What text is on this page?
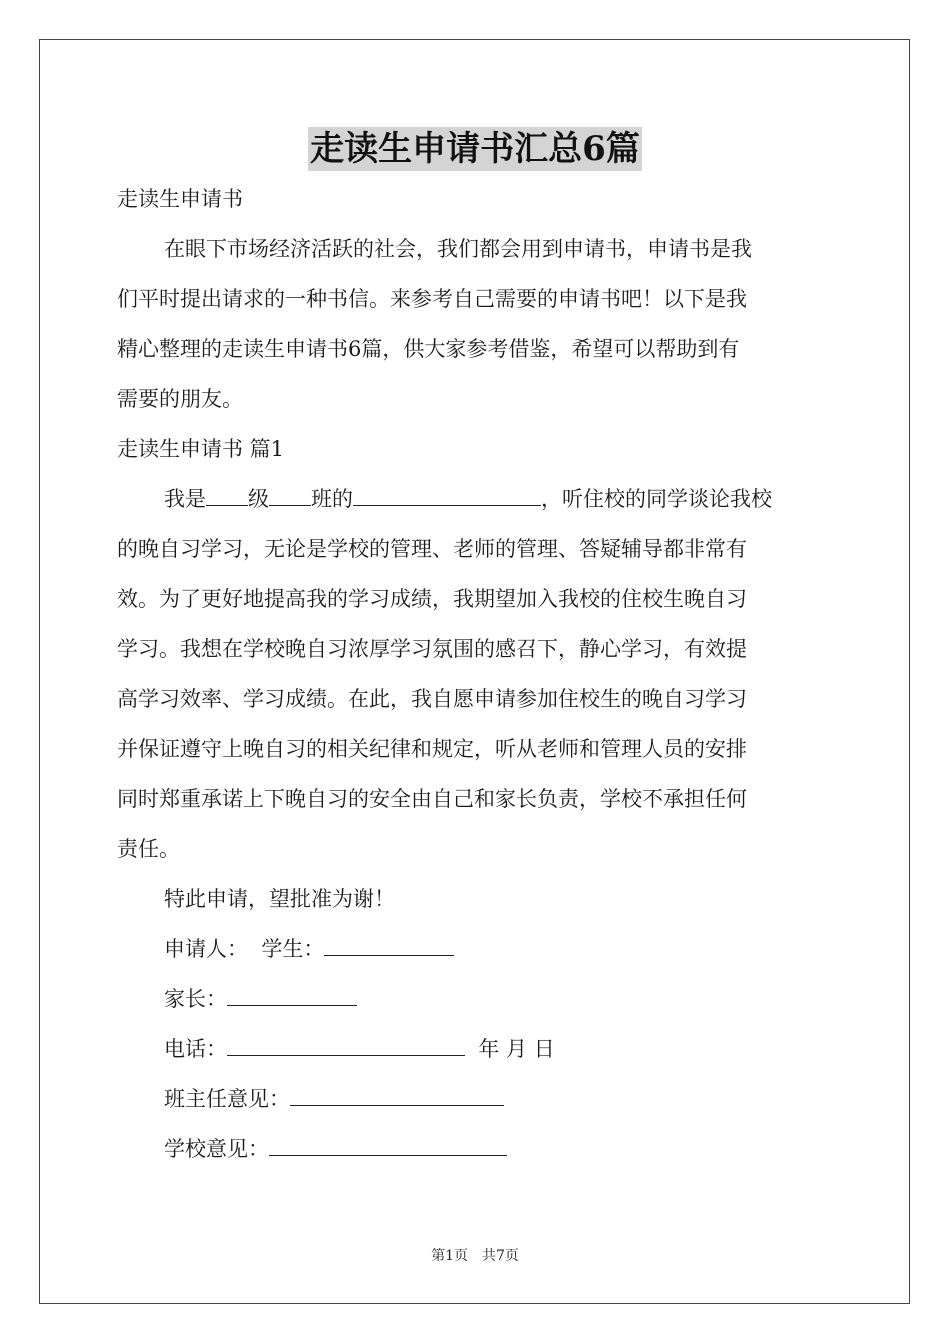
走读生申请书汇总6篇
走读生申请书
在眼下市场经济活跃的社会，我们都会用到申请书，申请书是我
们平时提出请求的一种书信。来参考自己需要的申请书吧！以下是我
精心整理的走读生申请书6篇，供大家参考借鉴，希望可以帮助到有
需要的朋友。
走读生申请书 篇1
我是 级 班的	，听住校的同学谈论我校
的晚自习学习，无论是学校的管理、老师的管理、答疑辅导都非常有
效。为了更好地提高我的学习成绩，我期望加入我校的住校生晚自习
学习。我想在学校晚自习浓厚学习氛围的感召下，静心学习，有效提
高学习效率、学习成绩。在此，我自愿申请参加住校生的晚自习学习
并保证遵守上晚自习的相关纪律和规定，听从老师和管理人员的安排
同时郑重承诺上下晚自习的安全由自己和家长负责，学校不承担任何
责任。
特此申请，望批准为谢！
申请人： 学生：
家长：
电话：	年 月 日
班主任意见：
学校意见：
第1页　共7页
